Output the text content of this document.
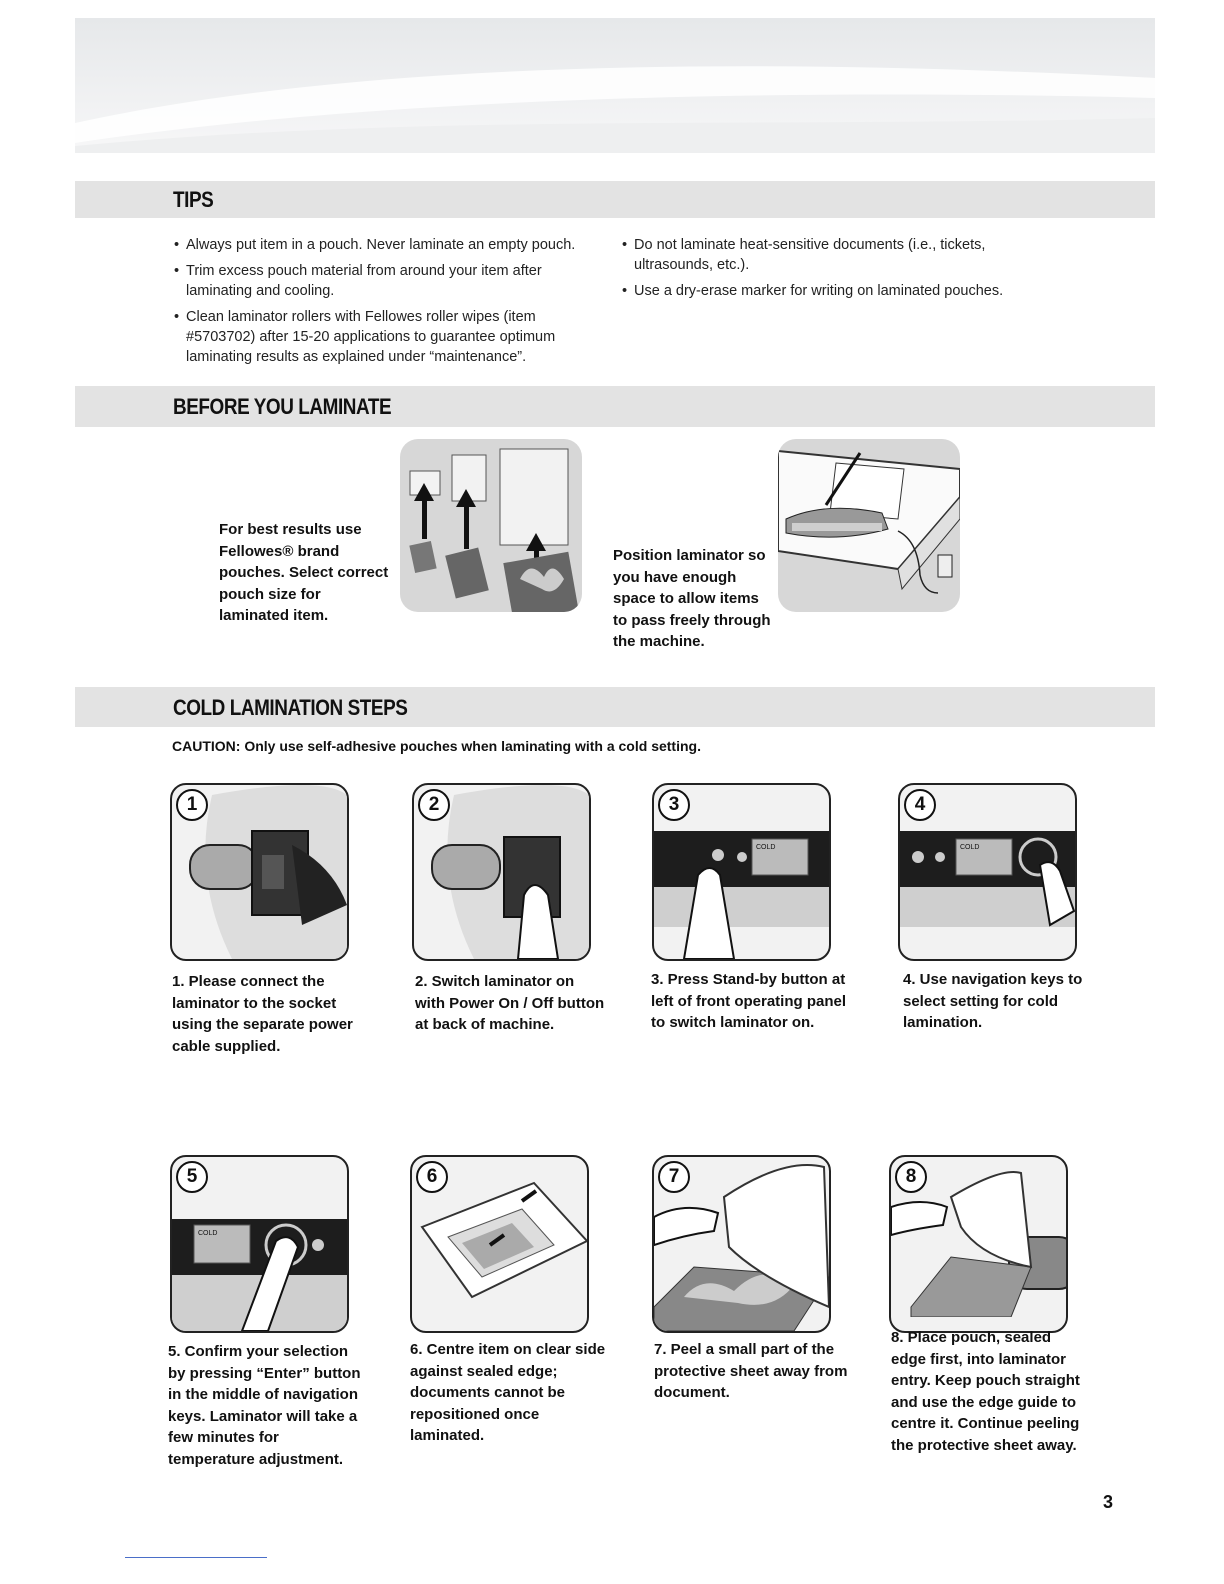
TIPS
• Always put item in a pouch. Never laminate an empty pouch.
• Trim excess pouch material from around your item after laminating and cooling.
• Clean laminator rollers with Fellowes roller wipes (item #5703702) after 15-20 applications to guarantee optimum laminating results as explained under “maintenance”.
• Do not laminate heat-sensitive documents (i.e., tickets, ultrasounds, etc.).
• Use a dry-erase marker for writing on laminated pouches.
BEFORE YOU LAMINATE
For best results use Fellowes® brand pouches. Select correct pouch size for laminated item.
Position laminator so you have enough space to allow items to pass freely through the machine.
COLD LAMINATION STEPS
CAUTION: Only use self-adhesive pouches when laminating with a cold setting.
1	2	3
COLD
4
COLD
1. Please connect the laminator to the socket using the separate power cable supplied.
2. Switch laminator on with Power On / Off button at back of machine.
3. Press Stand-by button at left of front operating panel to switch laminator on.
4. Use navigation keys to select setting for cold lamination.
5
COLD
6	7	8
5. Confirm your selection by pressing “Enter” button in the middle of navigation keys. Laminator will take a few minutes for temperature adjustment.
6. Centre item on clear side against sealed edge; documents cannot be repositioned once laminated.
7. Peel a small part of the protective sheet away from document.
8. Place pouch, sealed edge first, into laminator entry. Keep pouch straight and use the edge guide to centre it. Continue peeling the protective sheet away.
3
